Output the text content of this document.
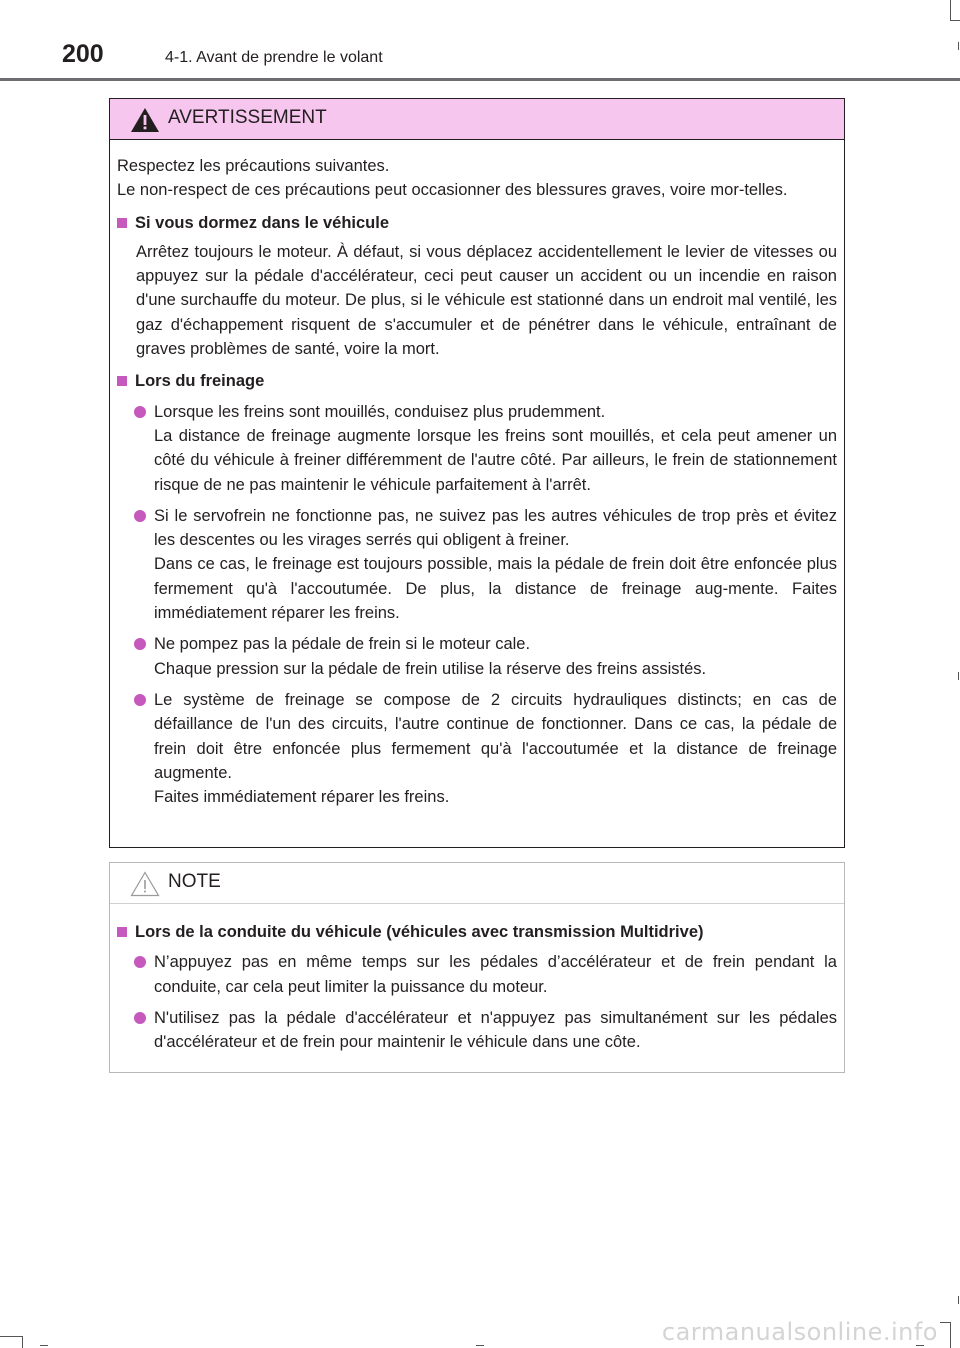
200	4-1. Avant de prendre le volant
AVERTISSEMENT

Respectez les précautions suivantes.

Le non-respect de ces précautions peut occasionner des blessures graves, voire mor-telles.

Si vous dormez dans le véhicule

Arrêtez toujours le moteur. À défaut, si vous déplacez accidentellement le levier de vitesses ou appuyez sur la pédale d'accélérateur, ceci peut causer un accident ou un incendie en raison d'une surchauffe du moteur. De plus, si le véhicule est stationné dans un endroit mal ventilé, les gaz d'échappement risquent de s'accumuler et de pénétrer dans le véhicule, entraînant de graves problèmes de santé, voire la mort.

Lors du freinage

Lorsque les freins sont mouillés, conduisez plus prudemment.

La distance de freinage augmente lorsque les freins sont mouillés, et cela peut amener un côté du véhicule à freiner différemment de l'autre côté. Par ailleurs, le frein de stationnement risque de ne pas maintenir le véhicule parfaitement à l'arrêt.

Si le servofrein ne fonctionne pas, ne suivez pas les autres véhicules de trop près et évitez les descentes ou les virages serrés qui obligent à freiner.

Dans ce cas, le freinage est toujours possible, mais la pédale de frein doit être enfoncée plus fermement qu'à l'accoutumée. De plus, la distance de freinage aug-mente. Faites immédiatement réparer les freins.

Ne pompez pas la pédale de frein si le moteur cale.

Chaque pression sur la pédale de frein utilise la réserve des freins assistés.

Le système de freinage se compose de 2 circuits hydrauliques distincts; en cas de défaillance de l'un des circuits, l'autre continue de fonctionner. Dans ce cas, la pédale de frein doit être enfoncée plus fermement qu'à l'accoutumée et la distance de freinage augmente.

Faites immédiatement réparer les freins.

NOTE
Lors de la conduite du véhicule (véhicules avec transmission Multidrive)

N’appuyez pas en même temps sur les pédales d’accélérateur et de frein pendant la conduite, car cela peut limiter la puissance du moteur.

N'utilisez pas la pédale d'accélérateur et n'appuyez pas simultanément sur les pédales d'accélérateur et de frein pour maintenir le véhicule dans une côte.

carmanualsonline.info
